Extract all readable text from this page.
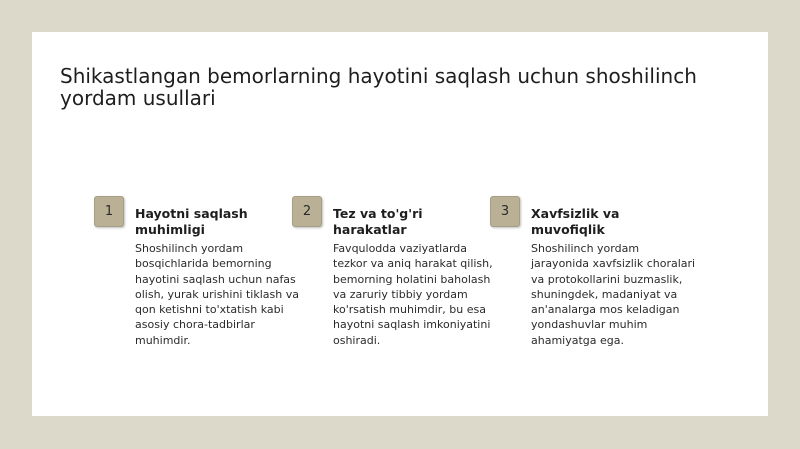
Shikastlangan bemorlarning hayotini saqlash uchun shoshilinch yordam usullari
1	Hayotni saqlash muhimligi
Shoshilinch yordam bosqichlarida bemorning hayotini saqlash uchun nafas olish, yurak urishini tiklash va qon ketishni to'xtatish kabi asosiy chora-tadbirlar muhimdir.
2	Tez va to'g'ri harakatlar
Favqulodda vaziyatlarda tezkor va aniq harakat qilish, bemorning holatini baholash va zaruriy tibbiy yordam ko'rsatish muhimdir, bu esa hayotni saqlash imkoniyatini oshiradi.
3	Xavfsizlik va muvofiqlik
Shoshilinch yordam jarayonida xavfsizlik choralari va protokollarini buzmaslik, shuningdek, madaniyat va an'analarga mos keladigan yondashuvlar muhim ahamiyatga ega.
